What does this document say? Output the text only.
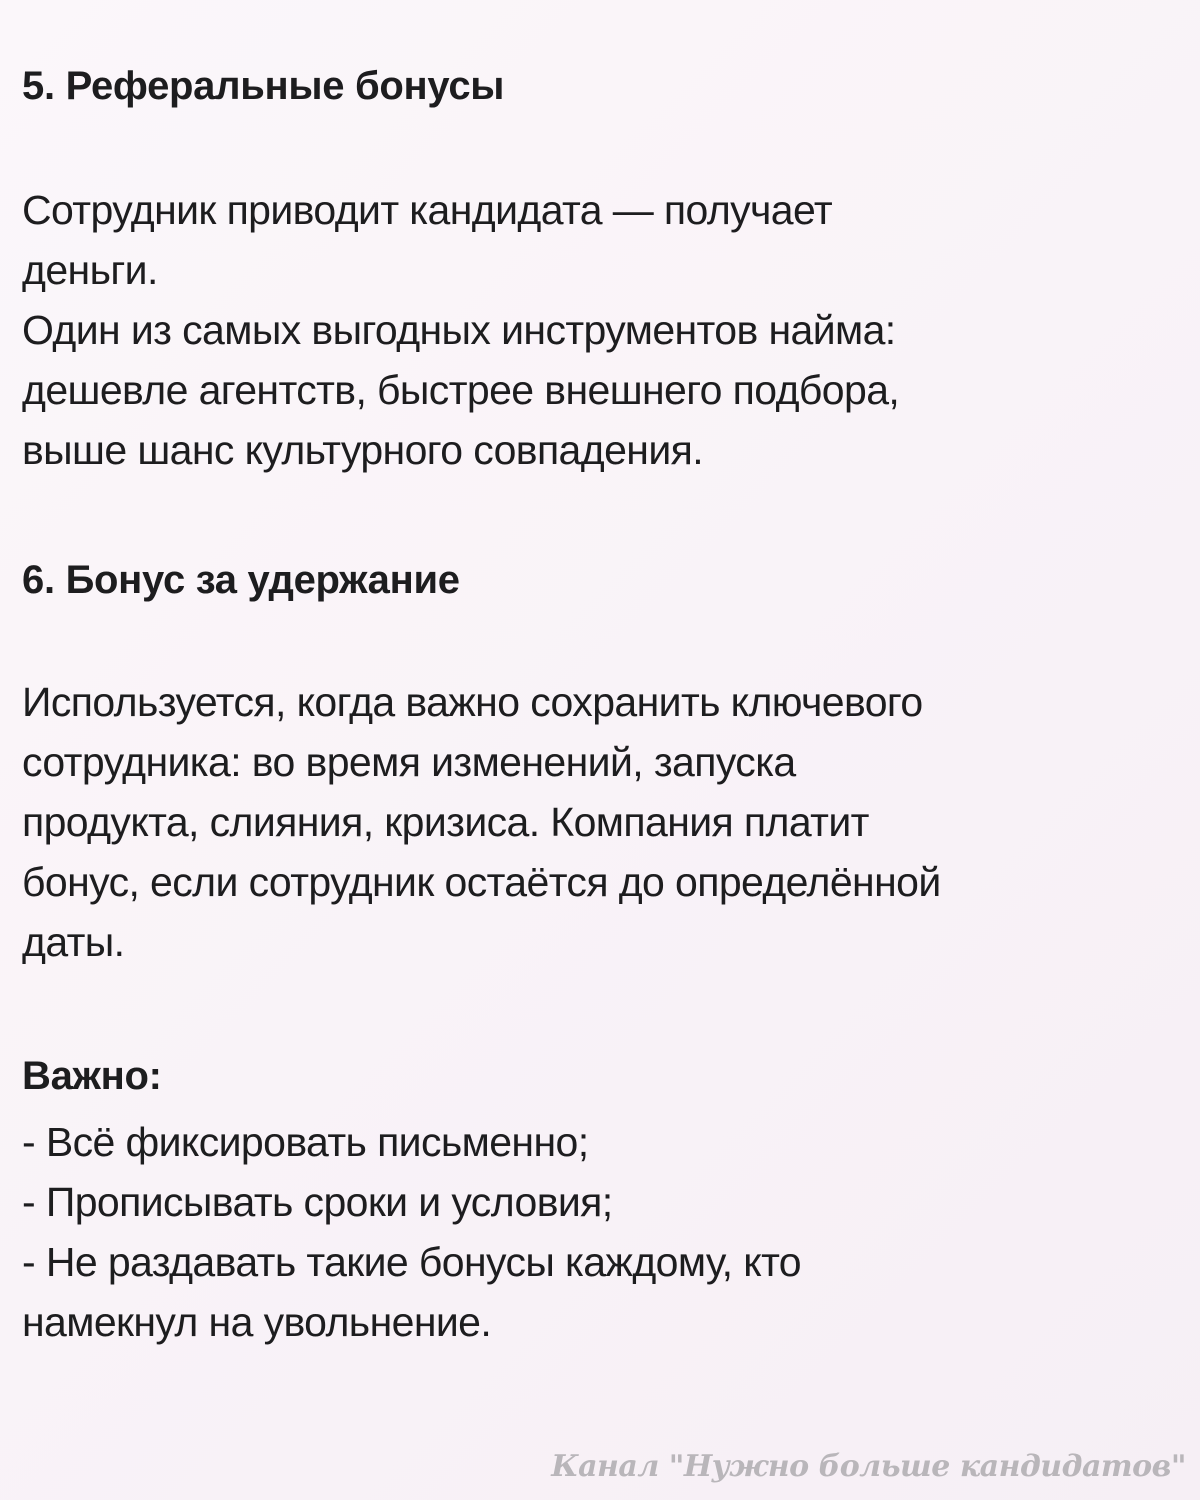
5. Реферальные бонусы

Сотрудник приводит кандидата — получает
деньги.
Один из самых выгодных инструментов найма:
дешевле агентств, быстрее внешнего подбора,
выше шанс культурного совпадения.

6. Бонус за удержание

Используется, когда важно сохранить ключевого
сотрудника: во время изменений, запуска
продукта, слияния, кризиса. Компания платит
бонус, если сотрудник остаётся до определённой
даты.

Важно:

- Всё фиксировать письменно;
- Прописывать сроки и условия;
- Не раздавать такие бонусы каждому, кто
намекнул на увольнение.

Канал "Нужно больше кандидатов"
